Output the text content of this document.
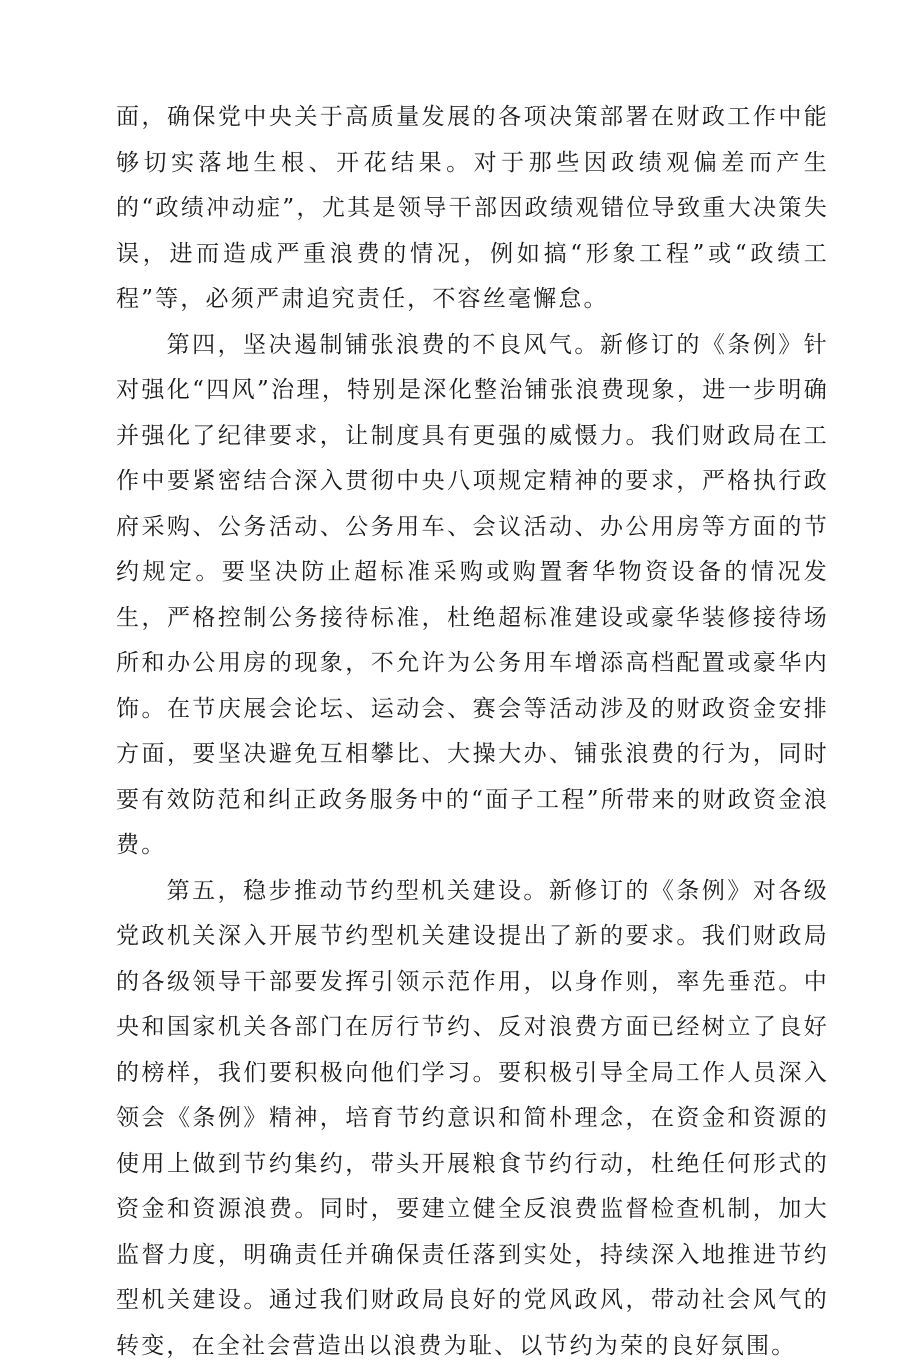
面，确保党中央关于高质量发展的各项决策部署在财政工作中能够切实落地生根、开花结果。对于那些因政绩观偏差而产生的“政绩冲动症”，尤其是领导干部因政绩观错位导致重大决策失误，进而造成严重浪费的情况，例如搞“形象工程”或“政绩工程”等，必须严肃追究责任，不容丝毫懈怠。

第四，坚决遏制铺张浪费的不良风气。新修订的《条例》针对强化“四风”治理，特别是深化整治铺张浪费现象，进一步明确并强化了纪律要求，让制度具有更强的威慑力。我们财政局在工作中要紧密结合深入贯彻中央八项规定精神的要求，严格执行政府采购、公务活动、公务用车、会议活动、办公用房等方面的节约规定。要坚决防止超标准采购或购置奢华物资设备的情况发生，严格控制公务接待标准，杜绝超标准建设或豪华装修接待场所和办公用房的现象，不允许为公务用车增添高档配置或豪华内饰。在节庆展会论坛、运动会、赛会等活动涉及的财政资金安排方面，要坚决避免互相攀比、大操大办、铺张浪费的行为，同时要有效防范和纠正政务服务中的“面子工程”所带来的财政资金浪费。

第五，稳步推动节约型机关建设。新修订的《条例》对各级党政机关深入开展节约型机关建设提出了新的要求。我们财政局的各级领导干部要发挥引领示范作用，以身作则，率先垂范。中央和国家机关各部门在厉行节约、反对浪费方面已经树立了良好的榜样，我们要积极向他们学习。要积极引导全局工作人员深入领会《条例》精神，培育节约意识和简朴理念，在资金和资源的使用上做到节约集约，带头开展粮食节约行动，杜绝任何形式的资金和资源浪费。同时，要建立健全反浪费监督检查机制，加大监督力度，明确责任并确保责任落到实处，持续深入地推进节约型机关建设。通过我们财政局良好的党风政风，带动社会风气的转变，在全社会营造出以浪费为耻、以节约为荣的良好氛围。
